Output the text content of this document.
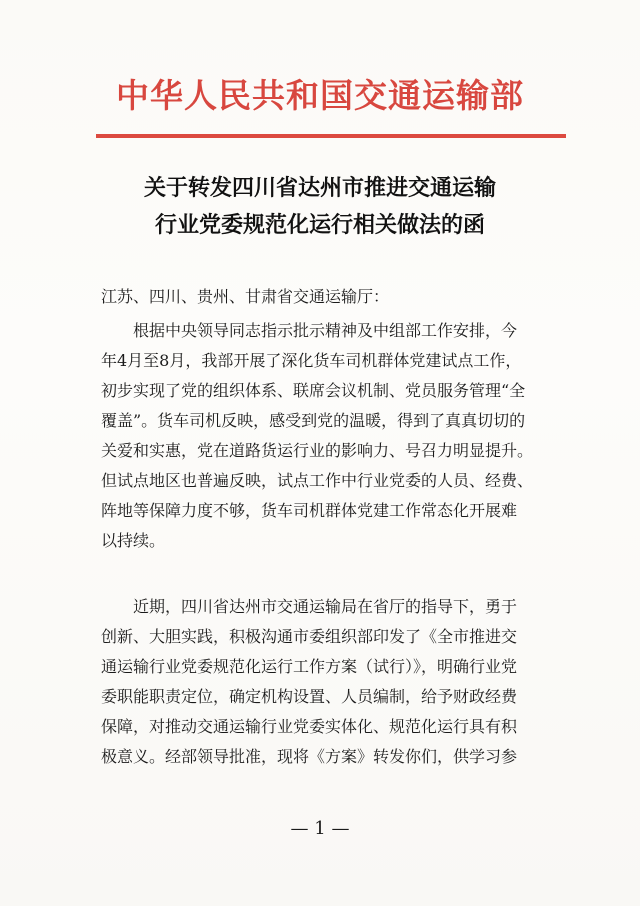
中华人民共和国交通运输部
关于转发四川省达州市推进交通运输
行业党委规范化运行相关做法的函
江苏、四川、贵州、甘肃省交通运输厅：
根据中央领导同志指示批示精神及中组部工作安排，今
年4月至8月，我部开展了深化货车司机群体党建试点工作，
初步实现了党的组织体系、联席会议机制、党员服务管理“全
覆盖”。货车司机反映，感受到党的温暖，得到了真真切切的
关爱和实惠，党在道路货运行业的影响力、号召力明显提升。
但试点地区也普遍反映，试点工作中行业党委的人员、经费、
阵地等保障力度不够，货车司机群体党建工作常态化开展难
以持续。
近期，四川省达州市交通运输局在省厅的指导下，勇于
创新、大胆实践，积极沟通市委组织部印发了《全市推进交
通运输行业党委规范化运行工作方案（试行）》，明确行业党
委职能职责定位，确定机构设置、人员编制，给予财政经费
保障，对推动交通运输行业党委实体化、规范化运行具有积
极意义。经部领导批准，现将《方案》转发你们，供学习参
— 1 —
